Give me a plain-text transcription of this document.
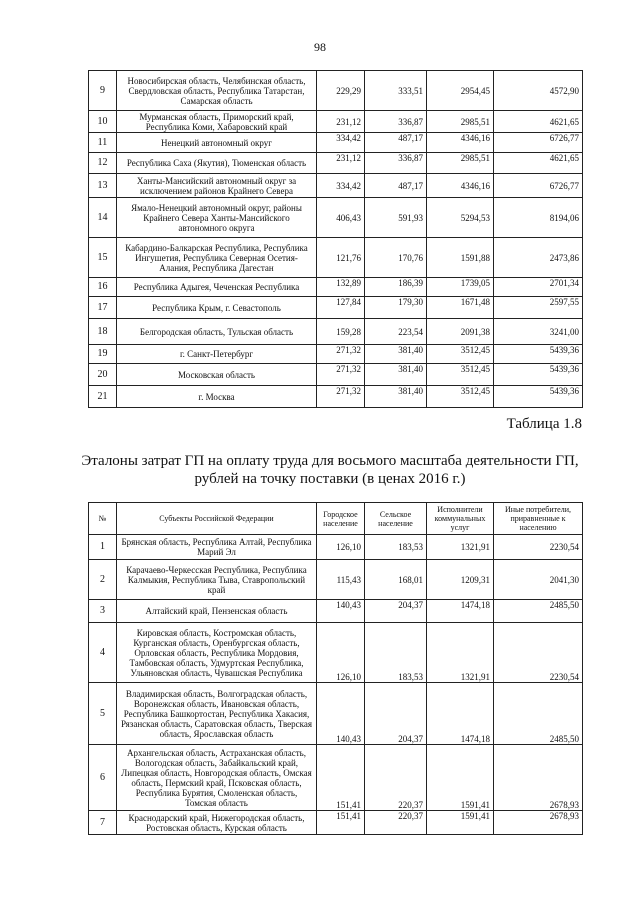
98
9	Новосибирская область, Челябинская область, Свердловская область, Республика Татарстан, Самарская область	229,29	333,51	2954,45	4572,90
10	Мурманская область, Приморский край, Республика Коми, Хабаровский край	231,12	336,87	2985,51	4621,65
11	Ненецкий автономный округ	334,42	487,17	4346,16	6726,77
12	Республика Саха (Якутия), Тюменская область	231,12	336,87	2985,51	4621,65
13	Ханты-Мансийский автономный округ за исключением районов Крайнего Севера	334,42	487,17	4346,16	6726,77
14	Ямало-Ненецкий автономный округ, районы Крайнего Севера Ханты-Мансийского автономного округа	406,43	591,93	5294,53	8194,06
15	Кабардино-Балкарская Республика, Республика Ингушетия, Республика Северная Осетия-Алания, Республика Дагестан	121,76	170,76	1591,88	2473,86
16	Республика Адыгея, Чеченская Республика	132,89	186,39	1739,05	2701,34
17	Республика Крым, г. Севастополь	127,84	179,30	1671,48	2597,55
18	Белгородская область, Тульская область	159,28	223,54	2091,38	3241,00
19	г. Санкт-Петербург	271,32	381,40	3512,45	5439,36
20	Московская область	271,32	381,40	3512,45	5439,36
21	г. Москва	271,32	381,40	3512,45	5439,36
Таблица 1.8
Эталоны затрат ГП на оплату труда для восьмого масштаба деятельности ГП, рублей на точку поставки (в ценах 2016 г.)
№	Субъекты Российской Федерации	Городское население	Сельское население	Исполнители коммунальных услуг	Иные потребители, приравненные к населению
1	Брянская область, Республика Алтай, Республика Марий Эл	126,10	183,53	1321,91	2230,54
2	Карачаево-Черкесская Республика, Республика Калмыкия, Республика Тыва, Ставропольский край	115,43	168,01	1209,31	2041,30
3	Алтайский край, Пензенская область	140,43	204,37	1474,18	2485,50
4	Кировская область, Костромская область, Курганская область, Оренбургская область, Орловская область, Республика Мордовия, Тамбовская область, Удмуртская Республика, Ульяновская область, Чувашская Республика	126,10	183,53	1321,91	2230,54
5	Владимирская область, Волгоградская область, Воронежская область, Ивановская область, Республика Башкортостан, Республика Хакасия, Рязанская область, Саратовская область, Тверская область, Ярославская область	140,43	204,37	1474,18	2485,50
6	Архангельская область, Астраханская область, Вологодская область, Забайкальский край, Липецкая область, Новгородская область, Омская область, Пермский край, Псковская область, Республика Бурятия, Смоленская область, Томская область	151,41	220,37	1591,41	2678,93
7	Краснодарский край, Нижегородская область, Ростовская область, Курская область	151,41	220,37	1591,41	2678,93
